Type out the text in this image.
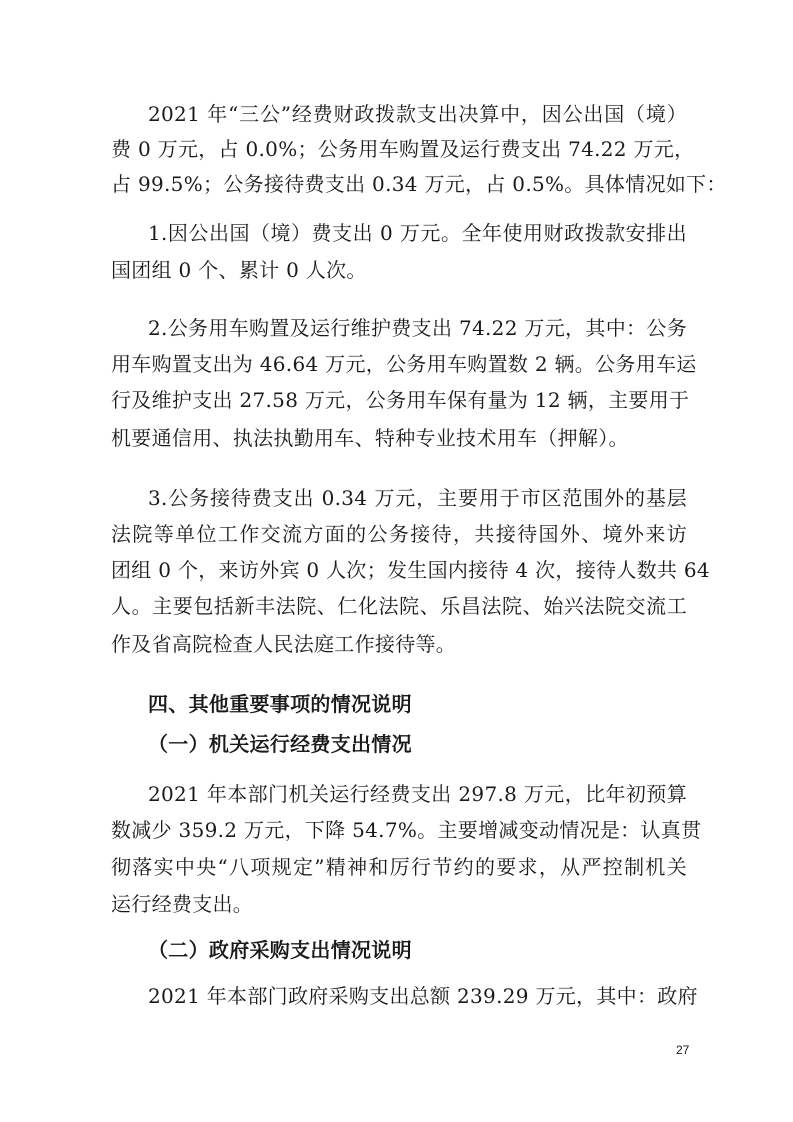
2021 年“三公”经费财政拨款支出决算中，因公出国（境）
费 0 万元，占 0.0%；公务用车购置及运行费支出 74.22 万元，
占 99.5%；公务接待费支出 0.34 万元，占 0.5%。具体情况如下：
1.因公出国（境）费支出 0 万元。全年使用财政拨款安排出
国团组 0 个、累计 0 人次。
2.公务用车购置及运行维护费支出 74.22 万元，其中：公务
用车购置支出为 46.64 万元，公务用车购置数 2 辆。公务用车运
行及维护支出 27.58 万元，公务用车保有量为 12 辆，主要用于
机要通信用、执法执勤用车、特种专业技术用车（押解）。
3.公务接待费支出 0.34 万元，主要用于市区范围外的基层
法院等单位工作交流方面的公务接待，共接待国外、境外来访
团组 0 个，来访外宾 0 人次；发生国内接待 4 次，接待人数共 64
人。主要包括新丰法院、仁化法院、乐昌法院、始兴法院交流工
作及省高院检查人民法庭工作接待等。
四、其他重要事项的情况说明
（一）机关运行经费支出情况
2021 年本部门机关运行经费支出 297.8 万元，比年初预算
数减少 359.2 万元，下降 54.7%。主要增减变动情况是：认真贯
彻落实中央“八项规定”精神和厉行节约的要求，从严控制机关
运行经费支出。
（二）政府采购支出情况说明
2021 年本部门政府采购支出总额 239.29 万元，其中：政府
27
